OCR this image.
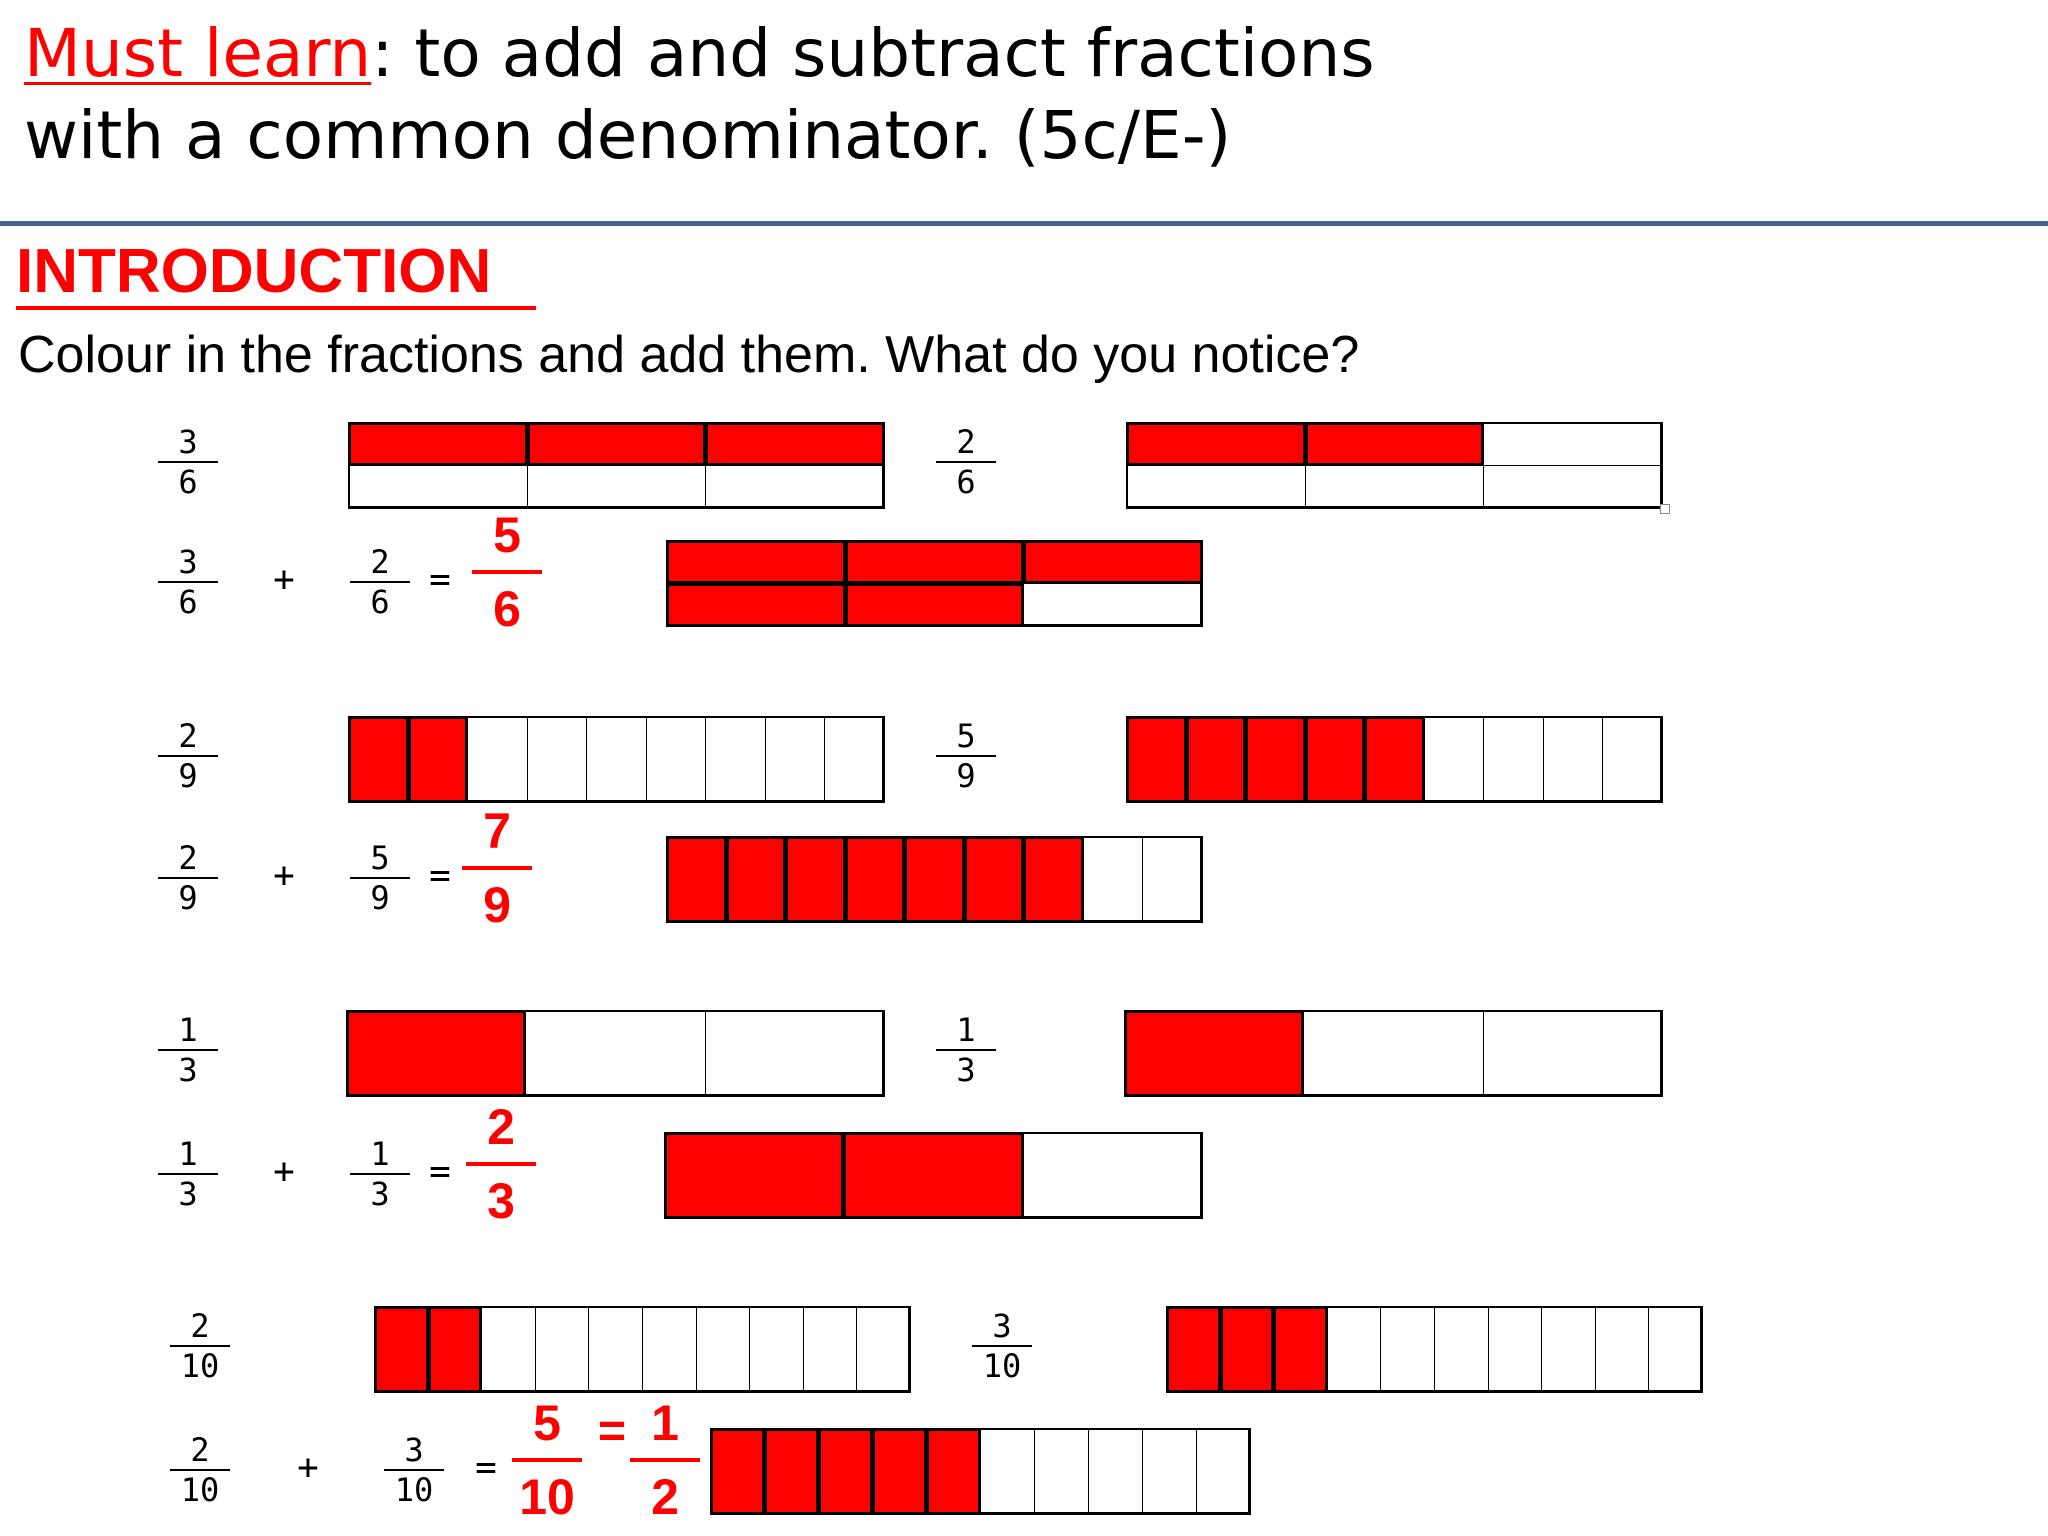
Must learn: to add and subtract fractions
with a common denominator. (5c/E-)
INTRODUCTION
Colour in the fractions and add them. What do you notice?
3
6
2
6
3
6
+	2
6
=
5
6
2
9
5
9
2
9
+	5
9
=
7
9
1
3
1
3
1
3
+	1
3
=
2
3
2
10
3
10
2
10
+	3
10
=
5
10
= 1
2
